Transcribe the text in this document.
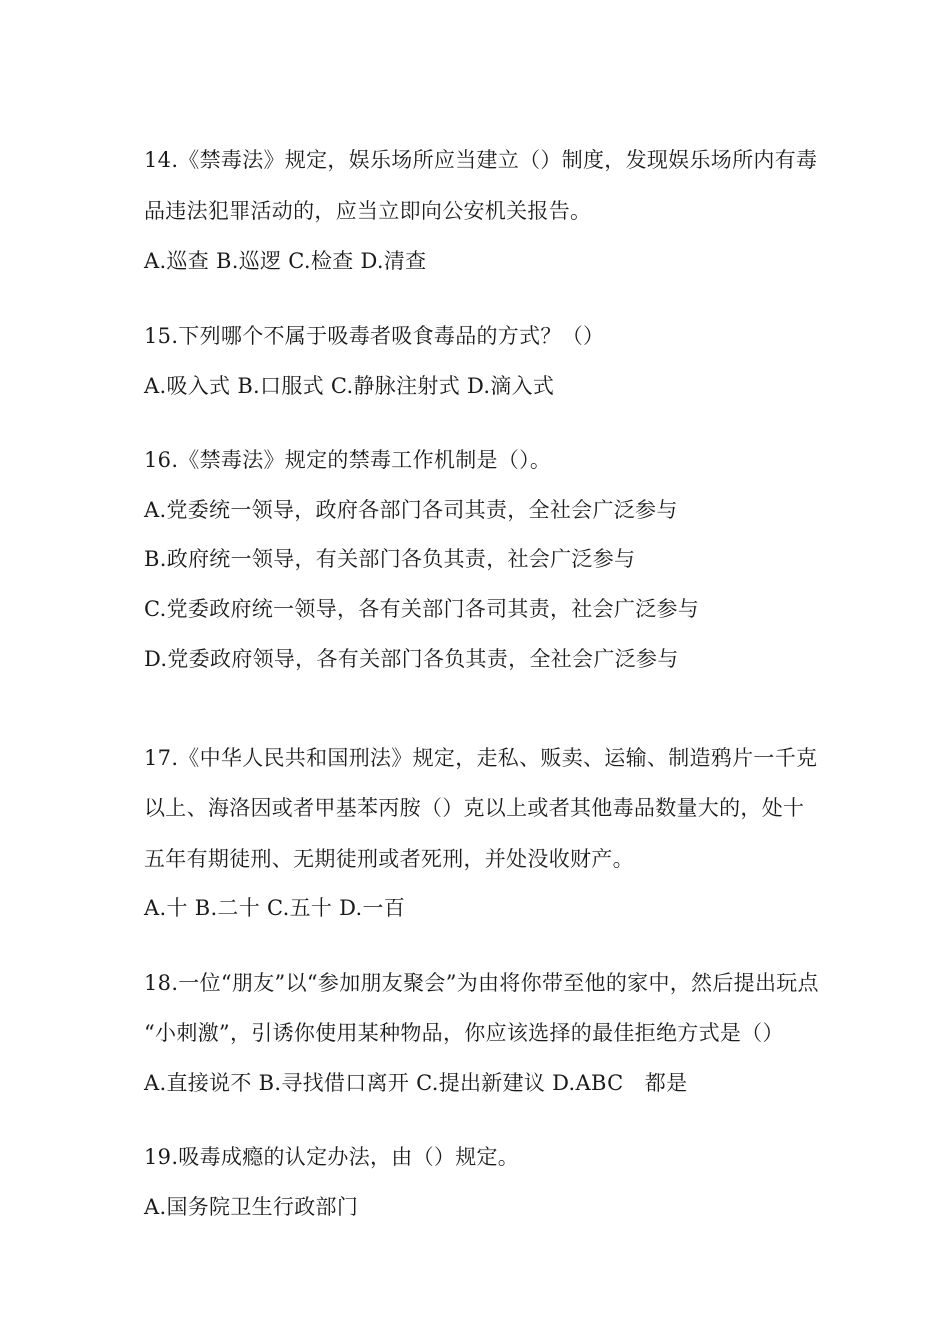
14.《禁毒法》规定，娱乐场所应当建立（）制度，发现娱乐场所内有毒
品违法犯罪活动的，应当立即向公安机关报告。
A.巡查 B.巡逻 C.检查 D.清查
15.下列哪个不属于吸毒者吸食毒品的方式？（）
A.吸入式 B.口服式 C.静脉注射式 D.滴入式
16.《禁毒法》规定的禁毒工作机制是（）。
A.党委统一领导，政府各部门各司其责，全社会广泛参与
B.政府统一领导，有关部门各负其责，社会广泛参与
C.党委政府统一领导，各有关部门各司其责，社会广泛参与
D.党委政府领导，各有关部门各负其责，全社会广泛参与
17.《中华人民共和国刑法》规定，走私、贩卖、运输、制造鸦片一千克
以上、海洛因或者甲基苯丙胺（）克以上或者其他毒品数量大的，处十
五年有期徒刑、无期徒刑或者死刑，并处没收财产。
A.十 B.二十 C.五十 D.一百
18.一位“朋友”以“参加朋友聚会”为由将你带至他的家中，然后提出玩点
“小刺激”，引诱你使用某种物品，你应该选择的最佳拒绝方式是（）
A.直接说不 B.寻找借口离开 C.提出新建议 D.ABC　都是
19.吸毒成瘾的认定办法，由（）规定。
A.国务院卫生行政部门
